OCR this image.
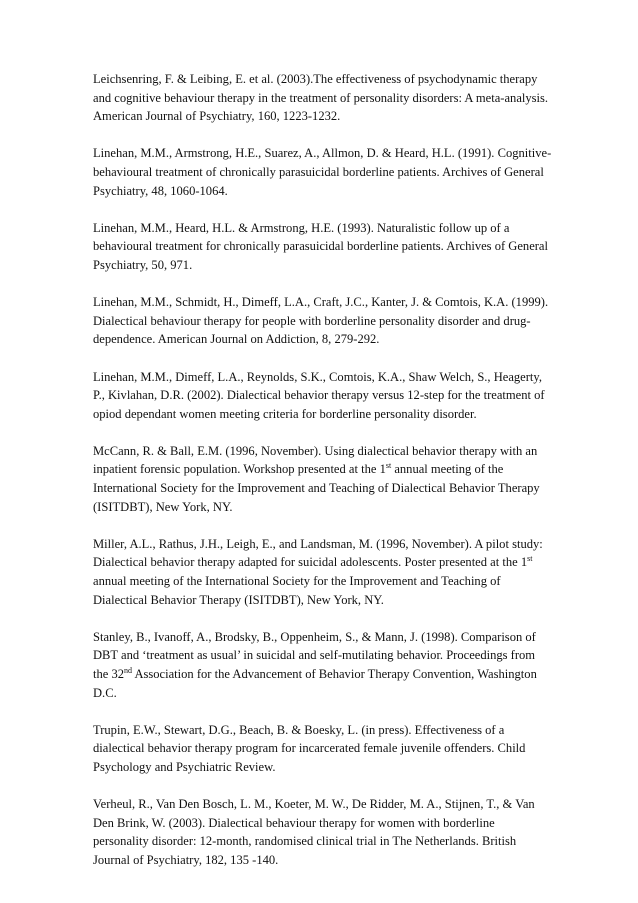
Leichsenring, F. & Leibing, E. et al. (2003).The effectiveness of psychodynamic therapy and cognitive behaviour therapy in the treatment of personality disorders: A meta-analysis. American Journal of Psychiatry, 160, 1223-1232.
Linehan, M.M., Armstrong, H.E., Suarez, A., Allmon, D. & Heard, H.L. (1991). Cognitive-behavioural treatment of chronically parasuicidal borderline patients. Archives of General Psychiatry, 48, 1060-1064.
Linehan, M.M., Heard, H.L. & Armstrong, H.E. (1993). Naturalistic follow up of a behavioural treatment for chronically parasuicidal borderline patients. Archives of General Psychiatry, 50, 971.
Linehan, M.M., Schmidt, H., Dimeff, L.A., Craft, J.C., Kanter, J. & Comtois, K.A. (1999). Dialectical behaviour therapy for people with borderline personality disorder and drug-dependence. American Journal on Addiction, 8, 279-292.
Linehan, M.M., Dimeff, L.A., Reynolds, S.K., Comtois, K.A., Shaw Welch, S., Heagerty, P., Kivlahan, D.R. (2002). Dialectical behavior therapy versus 12-step for the treatment of opiod dependant women meeting criteria for borderline personality disorder.
McCann, R. & Ball, E.M. (1996, November). Using dialectical behavior therapy with an inpatient forensic population. Workshop presented at the 1st annual meeting of the International Society for the Improvement and Teaching of Dialectical Behavior Therapy (ISITDBT), New York, NY.
Miller, A.L., Rathus, J.H., Leigh, E., and Landsman, M. (1996, November). A pilot study: Dialectical behavior therapy adapted for suicidal adolescents. Poster presented at the 1st annual meeting of the International Society for the Improvement and Teaching of Dialectical Behavior Therapy (ISITDBT), New York, NY.
Stanley, B., Ivanoff, A., Brodsky, B., Oppenheim, S., & Mann, J. (1998). Comparison of DBT and ‘treatment as usual’ in suicidal and self-mutilating behavior. Proceedings from the 32nd Association for the Advancement of Behavior Therapy Convention, Washington D.C.
Trupin, E.W., Stewart, D.G., Beach, B. & Boesky, L. (in press). Effectiveness of a dialectical behavior therapy program for incarcerated female juvenile offenders. Child Psychology and Psychiatric Review.
Verheul, R., Van Den Bosch, L. M., Koeter, M. W., De Ridder, M. A., Stijnen, T., & Van Den Brink, W. (2003). Dialectical behaviour therapy for women with borderline personality disorder: 12-month, randomised clinical trial in The Netherlands. British Journal of Psychiatry, 182, 135 -140.
